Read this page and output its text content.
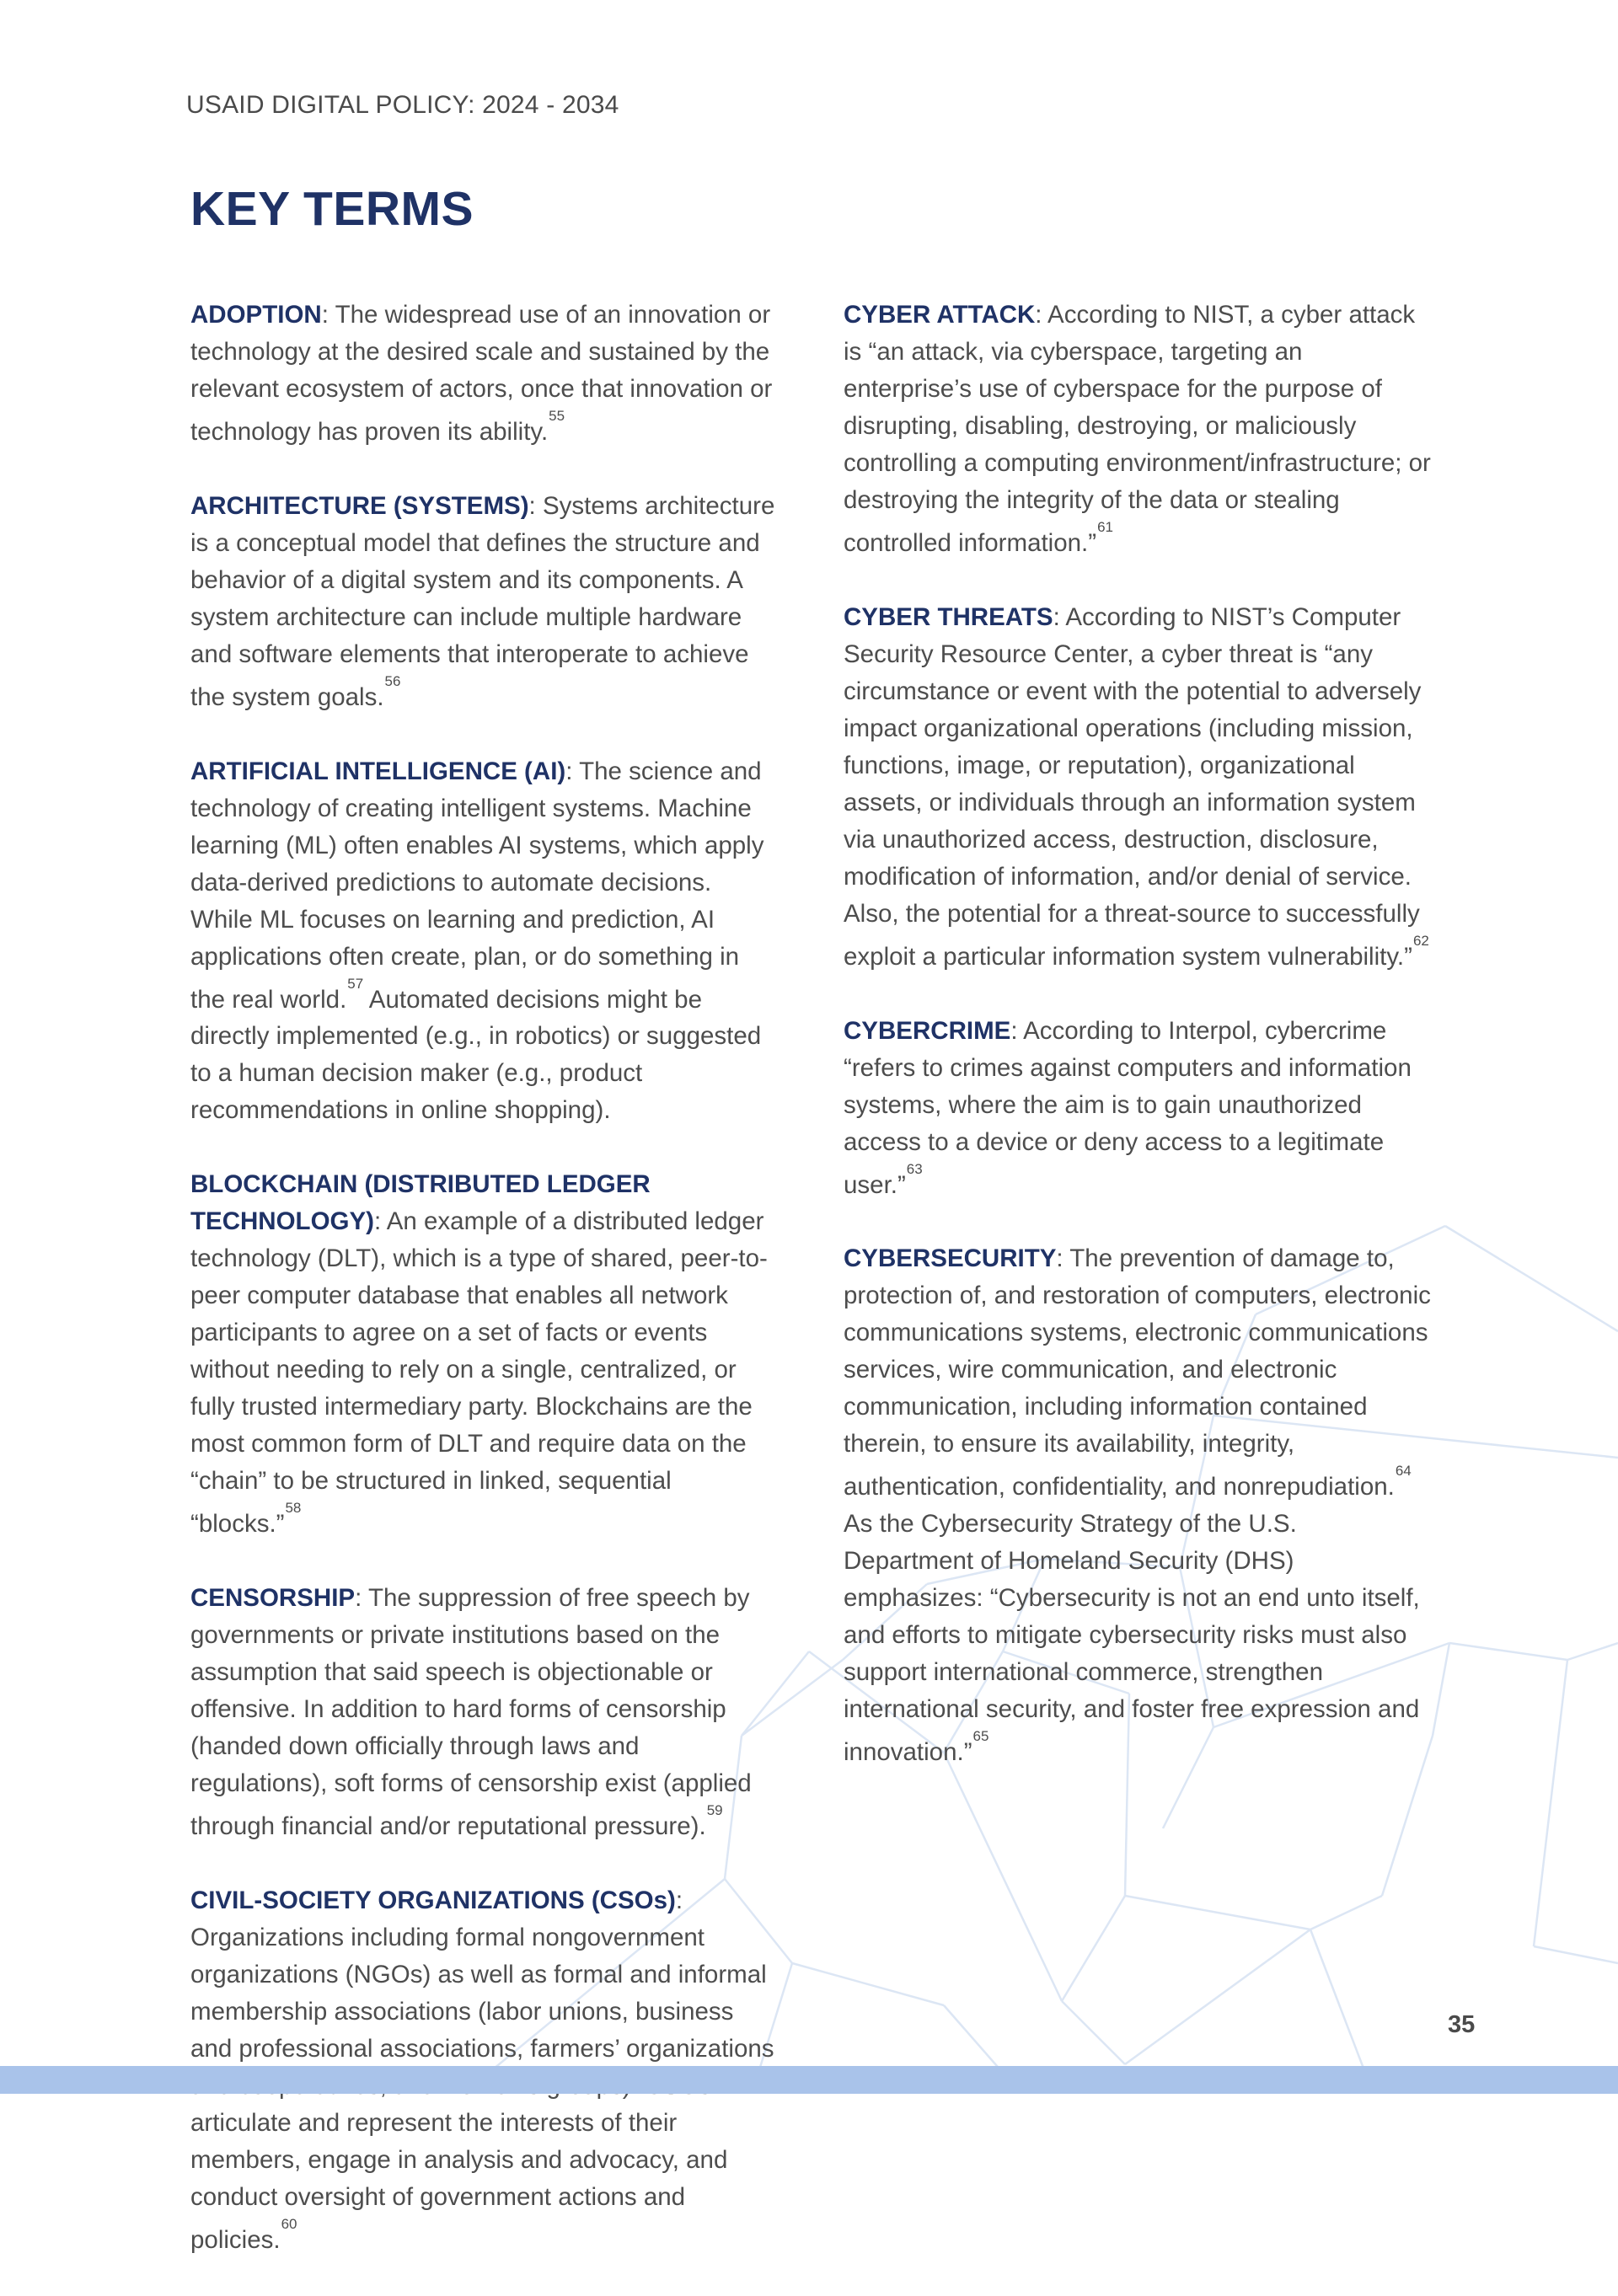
USAID DIGITAL POLICY: 2024 - 2034
KEY TERMS

ADOPTION: The widespread use of an innovation or technology at the desired scale and sustained by the relevant ecosystem of actors, once that innovation or technology has proven its ability.$^{55}$

ARCHITECTURE (SYSTEMS): Systems architecture is a conceptual model that defines the structure and behavior of a digital system and its components. A system architecture can include multiple hardware and software elements that interoperate to achieve the system goals.$^{56}$

ARTIFICIAL INTELLIGENCE (AI): The science and technology of creating intelligent systems. Machine learning (ML) often enables AI systems, which apply data-derived predictions to automate decisions. While ML focuses on learning and prediction, AI applications often create, plan, or do something in the real world.$^{57}$ Automated decisions might be directly implemented (e.g., in robotics) or suggested to a human decision maker (e.g., product recommendations in online shopping).

BLOCKCHAIN (DISTRIBUTED LEDGER TECHNOLOGY): An example of a distributed ledger technology (DLT), which is a type of shared, peer-to-peer computer database that enables all network participants to agree on a set of facts or events without needing to rely on a single, centralized, or fully trusted intermediary party. Blockchains are the most common form of DLT and require data on the “chain” to be structured in linked, sequential “blocks.”$^{58}$

CENSORSHIP: The suppression of free speech by governments or private institutions based on the assumption that said speech is objectionable or offensive. In addition to hard forms of censorship (handed down officially through laws and regulations), soft forms of censorship exist (applied through financial and/or reputational pressure).$^{59}$

CIVIL-SOCIETY ORGANIZATIONS (CSOs): Organizations including formal nongovernment organizations (NGOs) as well as formal and informal membership associations (labor unions, business and professional associations, farmers’ organizations articulate and represent the interests of their members, engage in analysis and advocacy, and conduct oversight of government actions and policies.$^{60}$

CYBER ATTACK: According to NIST, a cyber attack is “an attack, via cyberspace, targeting an enterprise’s use of cyberspace for the purpose of disrupting, disabling, destroying, or maliciously controlling a computing environment/infrastructure; or destroying the integrity of the data or stealing controlled information.”$^{61}$

CYBER THREATS: According to NIST’s Computer Security Resource Center, a cyber threat is “any circumstance or event with the potential to adversely impact organizational operations (including mission, functions, image, or reputation), organizational assets, or individuals through an information system via unauthorized access, destruction, disclosure, modification of information, and/or denial of service. Also, the potential for a threat-source to successfully exploit a particular information system vulnerability.”$^{62}$

CYBERCRIME: According to Interpol, cybercrime “refers to crimes against computers and information systems, where the aim is to gain unauthorized access to a device or deny access to a legitimate user.”$^{63}$

CYBERSECURITY: The prevention of damage to, protection of, and restoration of computers, electronic communications systems, electronic communications services, wire communication, and electronic communication, including information contained therein, to ensure its availability, integrity, authentication, confidentiality, and nonrepudiation.$^{64}$ As the Cybersecurity Strategy of the U.S. Department of Homeland Security (DHS) emphasizes: “Cybersecurity is not an end unto itself, and efforts to mitigate cybersecurity risks must also support international commerce, strengthen international security, and foster free expression and innovation.”$^{65}$

35
